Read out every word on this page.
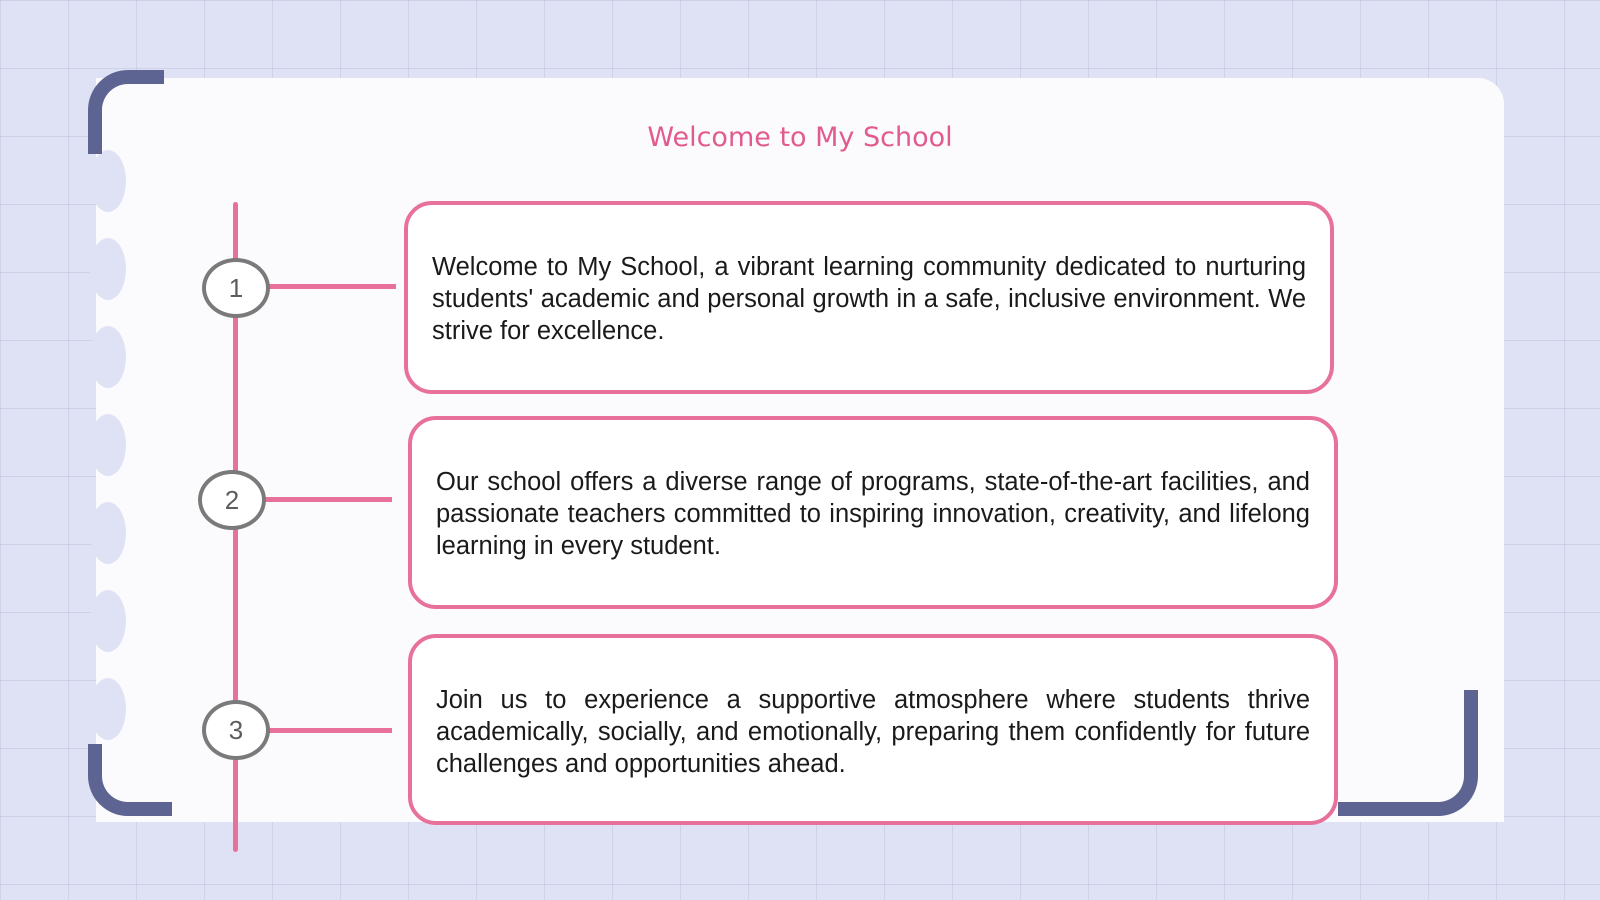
Welcome to My School
1
2
3
Welcome to My School, a vibrant learning community dedicated to nurturing students' academic and personal growth in a safe, inclusive environment. We strive for excellence.
Our school offers a diverse range of programs, state-of-the-art facilities, and passionate teachers committed to inspiring innovation, creativity, and lifelong learning in every student.
Join us to experience a supportive atmosphere where students thrive academically, socially, and emotionally, preparing them confidently for future challenges and opportunities ahead.
